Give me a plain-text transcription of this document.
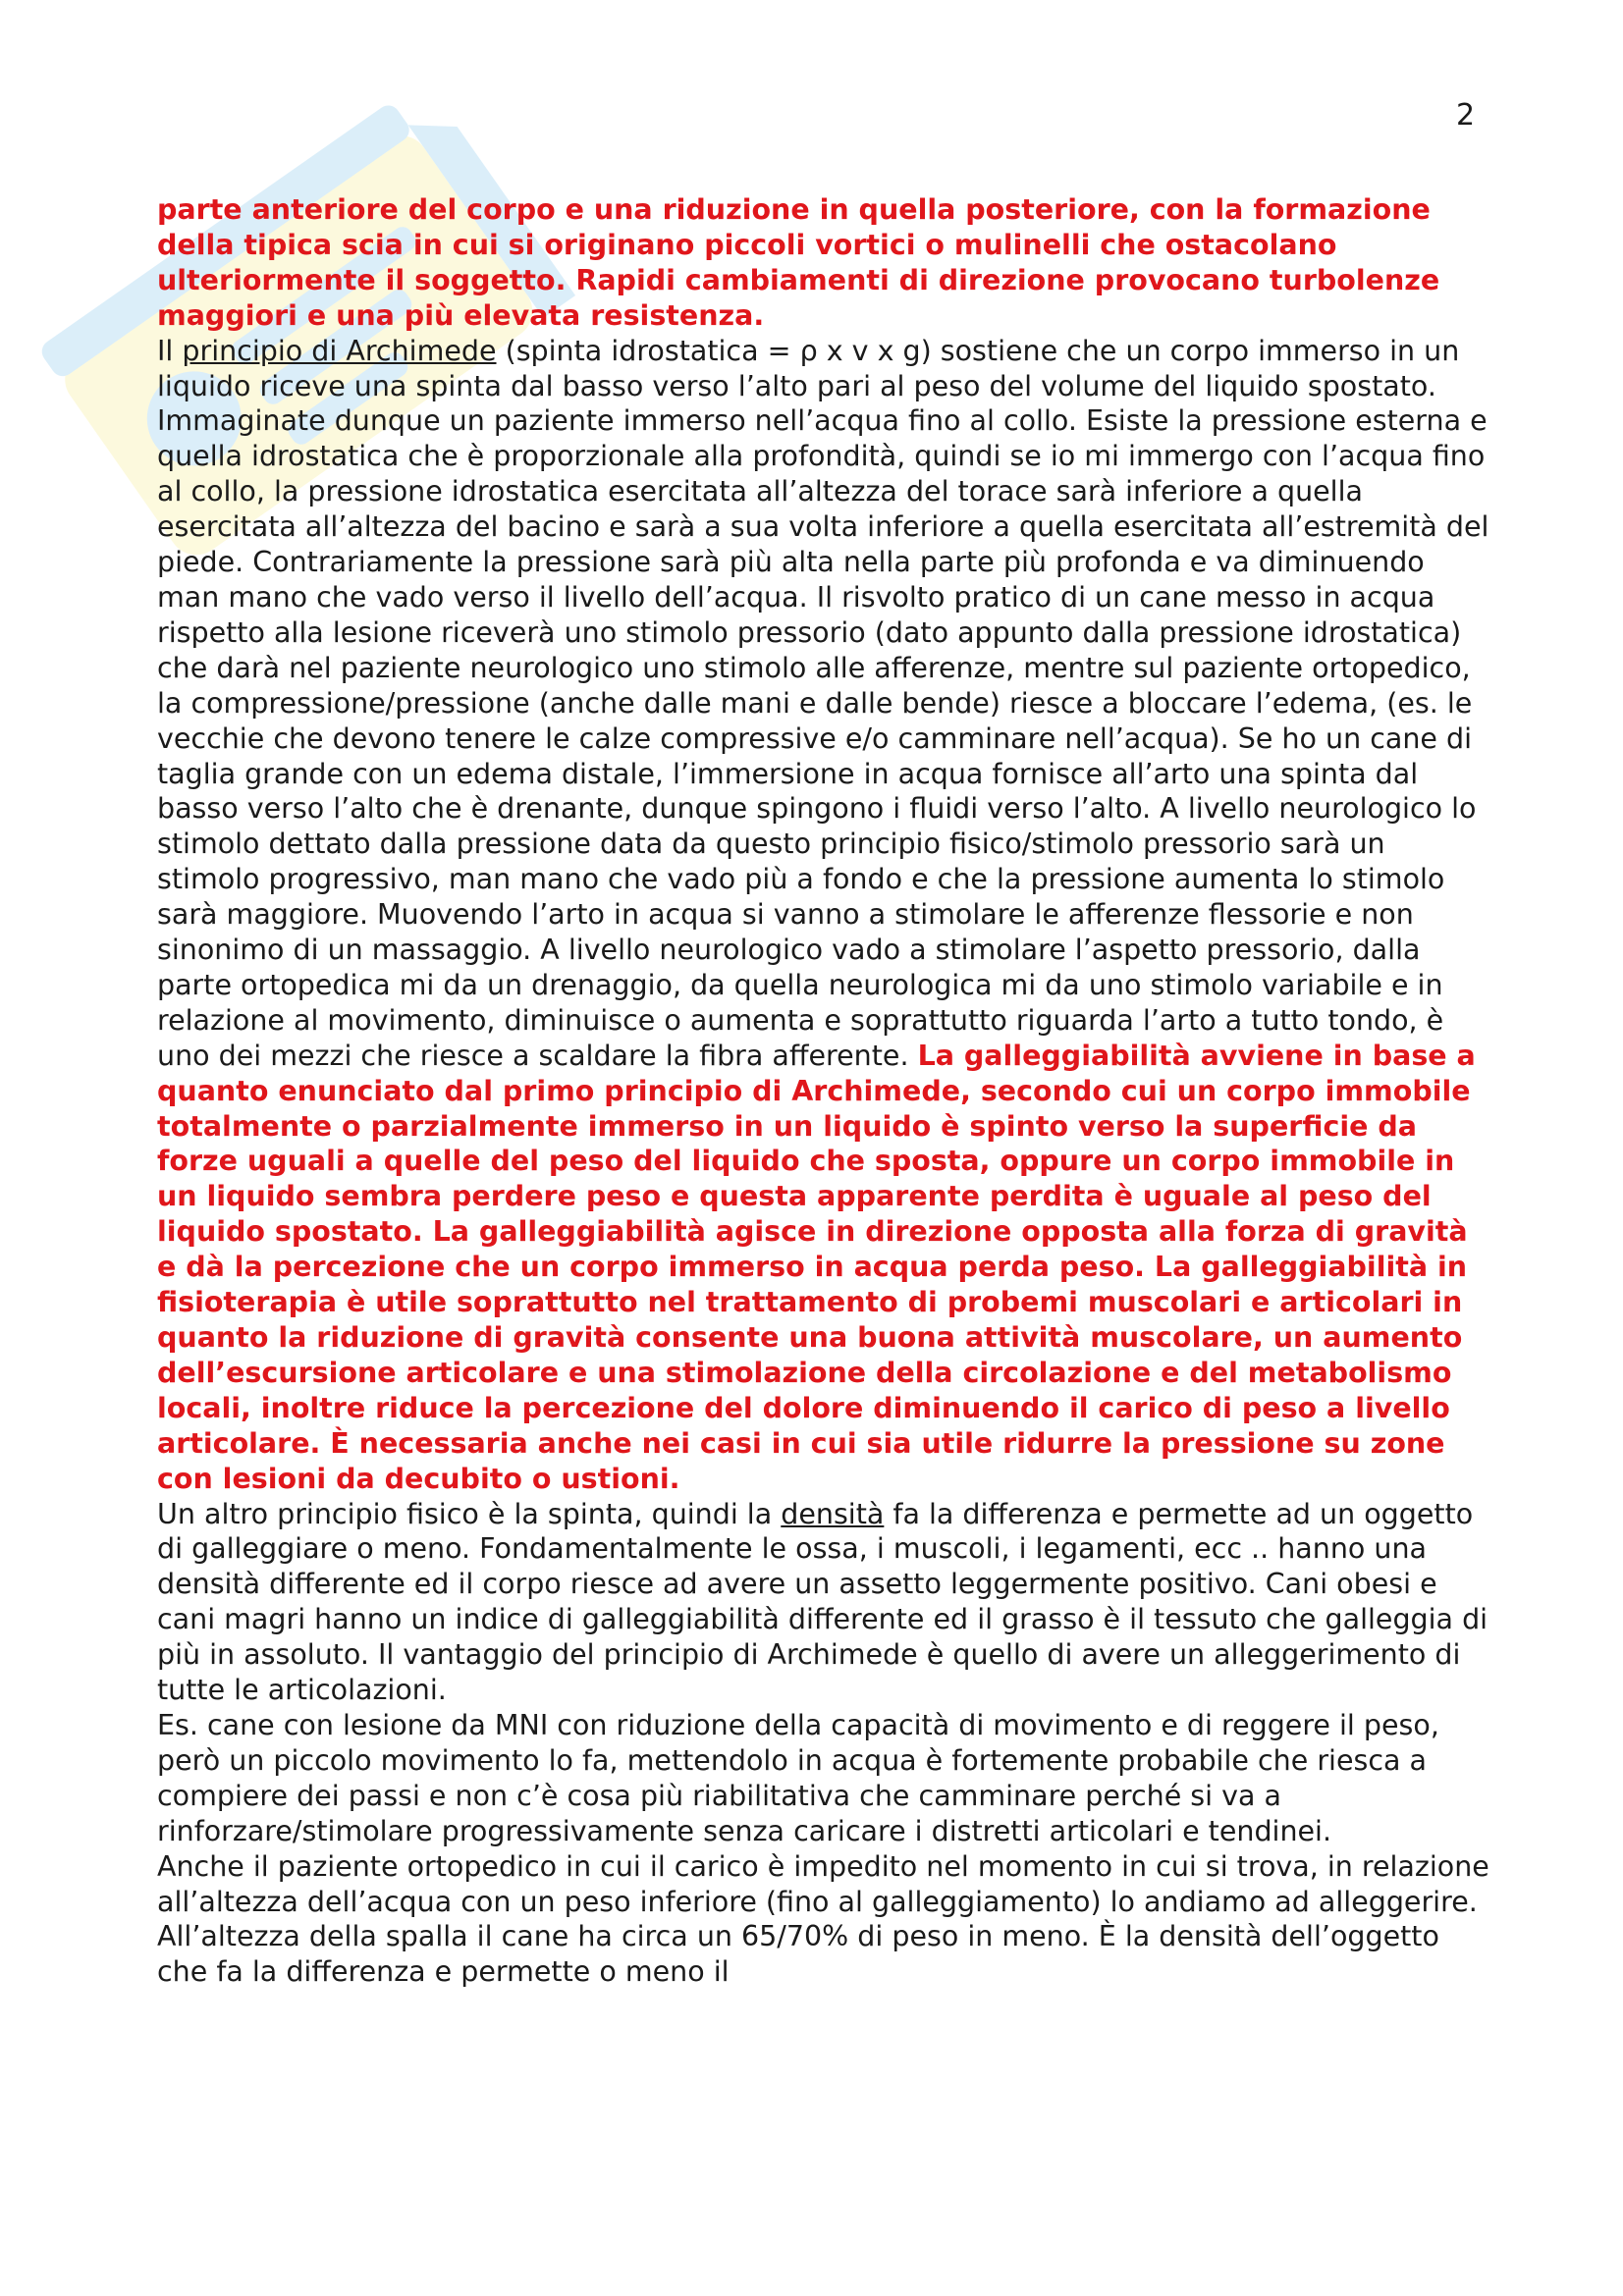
2

parte anteriore del corpo e una riduzione in quella posteriore, con la formazione della tipica scia in cui si originano piccoli vortici o mulinelli che ostacolano ulteriormente il soggetto. Rapidi cambiamenti di direzione provocano turbolenze maggiori e una più elevata resistenza.

Il principio di Archimede (spinta idrostatica = ρ x v x g) sostiene che un corpo immerso in un liquido riceve una spinta dal basso verso l’alto pari al peso del volume del liquido spostato. Immaginate dunque un paziente immerso nell’acqua fino al collo. Esiste la pressione esterna e quella idrostatica che è proporzionale alla profondità, quindi se io mi immergo con l’acqua fino al collo, la pressione idrostatica esercitata all’altezza del torace sarà inferiore a quella esercitata all’altezza del bacino e sarà a sua volta inferiore a quella esercitata all’estremità del piede. Contrariamente la pressione sarà più alta nella parte più profonda e va diminuendo man mano che vado verso il livello dell’acqua. Il risvolto pratico di un cane messo in acqua rispetto alla lesione riceverà uno stimolo pressorio (dato appunto dalla pressione idrostatica) che darà nel paziente neurologico uno stimolo alle afferenze, mentre sul paziente ortopedico, la compressione/pressione (anche dalle mani e dalle bende) riesce a bloccare l’edema, (es. le vecchie che devono tenere le calze compressive e/o camminare nell’acqua). Se ho un cane di taglia grande con un edema distale, l’immersione in acqua fornisce all’arto una spinta dal basso verso l’alto che è drenante, dunque spingono i fluidi verso l’alto. A livello neurologico lo stimolo dettato dalla pressione data da questo principio fisico/stimolo pressorio sarà un stimolo progressivo, man mano che vado più a fondo e che la pressione aumenta lo stimolo sarà maggiore. Muovendo l’arto in acqua si vanno a stimolare le afferenze flessorie e non sinonimo di un massaggio. A livello neurologico vado a stimolare l’aspetto pressorio, dalla parte ortopedica mi da un drenaggio, da quella neurologica mi da uno stimolo variabile e in relazione al movimento, diminuisce o aumenta e soprattutto riguarda l’arto a tutto tondo, è uno dei mezzi che riesce a scaldare la fibra afferente. La galleggiabilità avviene in base a quanto enunciato dal primo principio di Archimede, secondo cui un corpo immobile totalmente o parzialmente immerso in un liquido è spinto verso la superficie da forze uguali a quelle del peso del liquido che sposta, oppure un corpo immobile in un liquido sembra perdere peso e questa apparente perdita è uguale al peso del liquido spostato. La galleggiabilità agisce in direzione opposta alla forza di gravità e dà la percezione che un corpo immerso in acqua perda peso. La galleggiabilità in fisioterapia è utile soprattutto nel trattamento di probemi muscolari e articolari in quanto la riduzione di gravità consente una buona attività muscolare, un aumento dell’escursione articolare e una stimolazione della circolazione e del metabolismo locali, inoltre riduce la percezione del dolore diminuendo il carico di peso a livello articolare. È necessaria anche nei casi in cui sia utile ridurre la pressione su zone con lesioni da decubito o ustioni.

Un altro principio fisico è la spinta, quindi la densità fa la differenza e permette ad un oggetto di galleggiare o meno. Fondamentalmente le ossa, i muscoli, i legamenti, ecc .. hanno una densità differente ed il corpo riesce ad avere un assetto leggermente positivo. Cani obesi e cani magri hanno un indice di galleggiabilità differente ed il grasso è il tessuto che galleggia di più in assoluto. Il vantaggio del principio di Archimede è quello di avere un alleggerimento di tutte le articolazioni.

Es. cane con lesione da MNI con riduzione della capacità di movimento e di reggere il peso, però un piccolo movimento lo fa, mettendolo in acqua è fortemente probabile che riesca a compiere dei passi e non c’è cosa più riabilitativa che camminare perché si va a rinforzare/stimolare progressivamente senza caricare i distretti articolari e tendinei.

Anche il paziente ortopedico in cui il carico è impedito nel momento in cui si trova, in relazione all’altezza dell’acqua con un peso inferiore (fino al galleggiamento) lo andiamo ad alleggerire. All’altezza della spalla il cane ha circa un 65/70% di peso in meno. È la densità dell’oggetto che fa la differenza e permette o meno il
